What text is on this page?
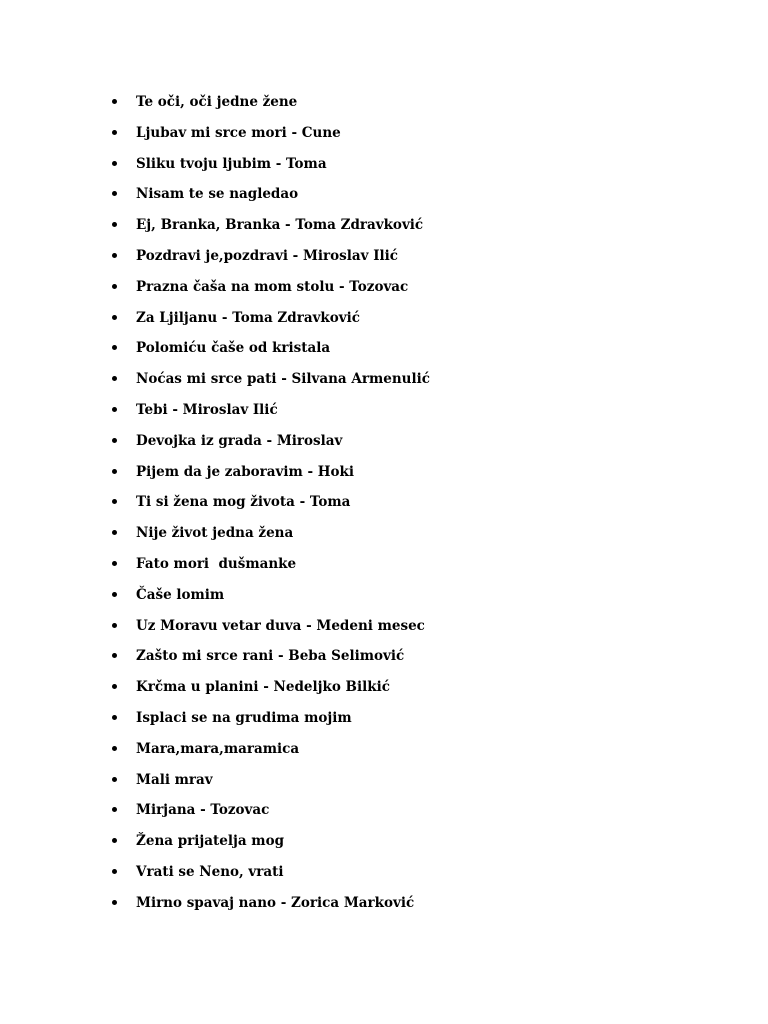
Te oči, oči jedne žene
Ljubav mi srce mori - Cune
Sliku tvoju ljubim - Toma
Nisam te se nagledao
Ej, Branka, Branka - Toma Zdravković
Pozdravi je,pozdravi - Miroslav Ilić
Prazna čaša na mom stolu - Tozovac
Za Ljiljanu - Toma Zdravković
Polomiću čaše od kristala
Noćas mi srce pati - Silvana Armenulić
Tebi - Miroslav Ilić
Devojka iz grada - Miroslav
Pijem da je zaboravim - Hoki
Ti si žena mog života - Toma
Nije život jedna žena
Fato mori  dušmanke
Čaše lomim
Uz Moravu vetar duva - Medeni mesec
Zašto mi srce rani - Beba Selimović
Krčma u planini - Nedeljko Bilkić
Isplaci se na grudima mojim
Mara,mara,maramica
Mali mrav
Mirjana - Tozovac
Žena prijatelja mog
Vrati se Neno, vrati
Mirno spavaj nano - Zorica Marković
